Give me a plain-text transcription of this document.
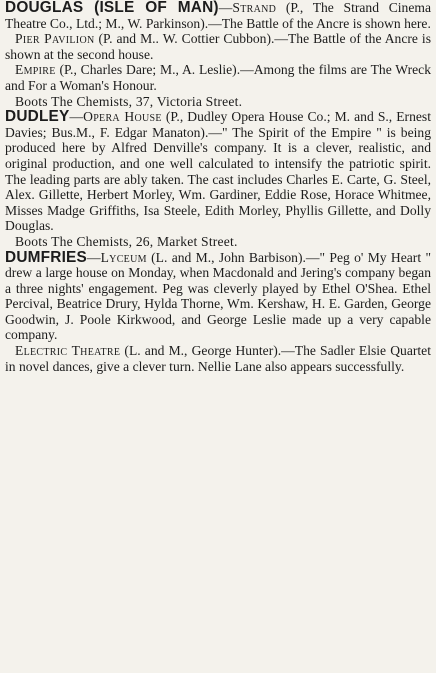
DOUGLAS (ISLE OF MAN)—Strand (P., The Strand Cinema Theatre Co., Ltd.; M., W. Parkinson).—The Battle of the Ancre is shown here.

Pier Pavilion (P. and M.. W. Cottier Cubbon).—The Battle of the Ancre is shown at the second house.

Empire (P., Charles Dare; M., A. Leslie).—Among the films are The Wreck and For a Woman's Honour.

Boots The Chemists, 37, Victoria Street.

DUDLEY—Opera House (P., Dudley Opera House Co.; M. and S., Ernest Davies; Bus.M., F. Edgar Manaton).—" The Spirit of the Empire " is being produced here by Alfred Denville's company. It is a clever, realistic, and original production, and one well calculated to intensify the patriotic spirit. The leading parts are ably taken. The cast includes Charles E. Carte, G. Steel, Alex. Gillette, Herbert Morley, Wm. Gardiner, Eddie Rose, Horace Whitmee, Misses Madge Griffiths, Isa Steele, Edith Morley, Phyllis Gillette, and Dolly Douglas.

Boots The Chemists, 26, Market Street.

DUMFRIES—Lyceum (L. and M., John Barbison).—" Peg o' My Heart " drew a large house on Monday, when Macdonald and Jering's company began a three nights' engagement. Peg was cleverly played by Ethel O'Shea. Ethel Percival, Beatrice Drury, Hylda Thorne, Wm. Kershaw, H. E. Garden, George Goodwin, J. Poole Kirkwood, and George Leslie made up a very capable company.

Electric Theatre (L. and M., George Hunter).—The Sadler Elsie Quartet in novel dances, give a clever turn. Nellie Lane also appears successfully.
